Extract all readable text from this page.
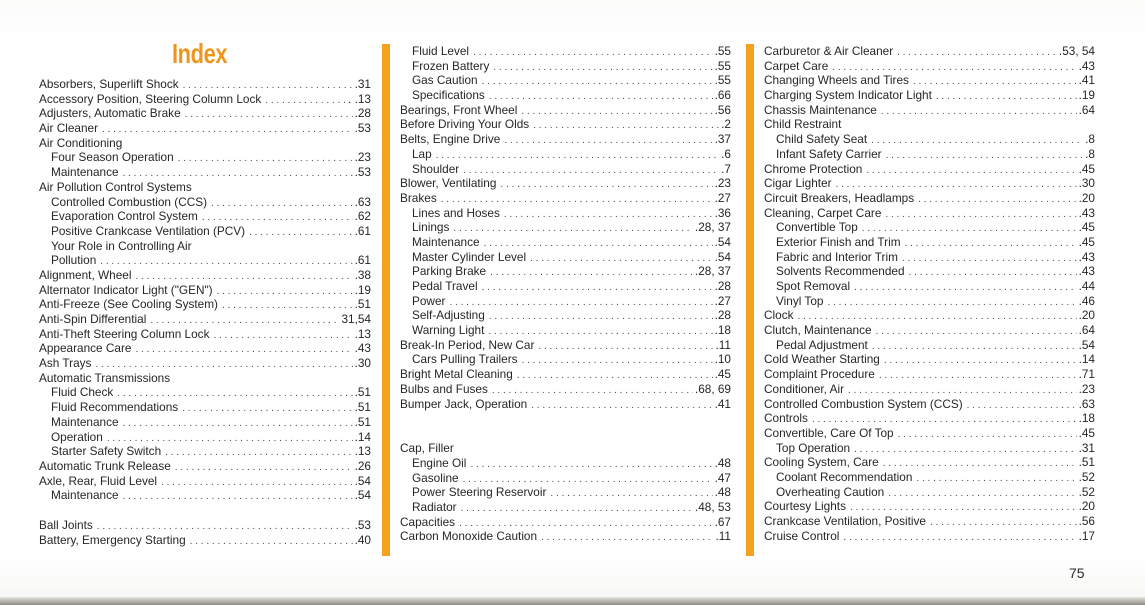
Index
Absorbers, Superlift Shock . . .	.31
Accessory Position, Steering Column Lock . . .	. .13
Adjusters, Automatic Brake . . .	.28
Air Cleaner . . .	.53
Air Conditioning
Four Season Operation . . .	.23
Maintenance . . .	.53
Air Pollution Control Systems
Controlled Combustion (CCS) . . .	.63
Evaporation Control System . . .	.62
Positive Crankcase Ventilation (PCV) . . .	.61
Your Role in Controlling Air
Pollution . . .	.61
Alignment, Wheel . . .	.38
Alternator Indicator Light ("GEN") . . .	.19
Anti-Freeze (See Cooling System) . . .	.51
Anti-Spin Differential . . .	31,54
Anti-Theft Steering Column Lock . . .	.13
Appearance Care . . .	.43
Ash Trays . . .	.30
Automatic Transmissions
Fluid Check . . .	.51
Fluid Recommendations . . .	.51
Maintenance . . .	.51
Operation . . .	.14
Starter Safety Switch . . .	.13
Automatic Trunk Release . . .	.26
Axle, Rear, Fluid Level . . .	.54
Maintenance . . .	.54
Ball Joints . . .	.53
Battery, Emergency Starting . . .	.40
Fluid Level . . .	.55
Frozen Battery . . .	.55
Gas Caution . . .	.55
Specifications . . .	.66
Bearings, Front Wheel . . .	.56
Before Driving Your Olds . . .	.2
Belts, Engine Drive . . .	.37
Lap . . .	.6
Shoulder . . .	.7
Blower, Ventilating . . .	.23
Brakes . . .	.27
Lines and Hoses . . .	.36
Linings . . .	.28, 37
Maintenance . . .	.54
Master Cylinder Level . . .	.54
Parking Brake . . .	.28, 37
Pedal Travel . . .	.28
Power . . .	.27
Self-Adjusting . . .	.28
Warning Light . . .	.18
Break-In Period, New Car . . .	.11
Cars Pulling Trailers . . .	.10
Bright Metal Cleaning . . .	.45
Bulbs and Fuses . . .	.68, 69
Bumper Jack, Operation . . .	.41
Cap, Filler
Engine Oil . . .	.48
Gasoline . . .	.47
Power Steering Reservoir . . .	.48
Radiator . . .	.48, 53
Capacities . . .	.67
Carbon Monoxide Caution . . .	.11
Carburetor & Air Cleaner . . .	.53, 54
Carpet Care . . .	.43
Changing Wheels and Tires . . .	.41
Charging System Indicator Light . . .	.19
Chassis Maintenance . . .	.64
Child Restraint
Child Safety Seat . . .	.8
Infant Safety Carrier . . .	.8
Chrome Protection . . .	.45
Cigar Lighter . . .	.30
Circuit Breakers, Headlamps . . .	.20
Cleaning, Carpet Care . . .	.43
Convertible Top . . .	.45
Exterior Finish and Trim . . .	.45
Fabric and Interior Trim . . .	.43
Solvents Recommended . . .	.43
Spot Removal . . .	.44
Vinyl Top . . .	.46
Clock . . .	.20
Clutch, Maintenance . . .	.64
Pedal Adjustment . . .	.54
Cold Weather Starting . . .	.14
Complaint Procedure . . .	.71
Conditioner, Air . . .	.23
Controlled Combustion System (CCS) . . .	.63
Controls . . .	.18
Convertible, Care Of Top . . .	.45
Top Operation . . .	.31
Cooling System, Care . . .	.51
Coolant Recommendation . . .	.52
Overheating Caution . . .	.52
Courtesy Lights . . .	.20
Crankcase Ventilation, Positive . . .	.56
Cruise Control . . .	.17
75
